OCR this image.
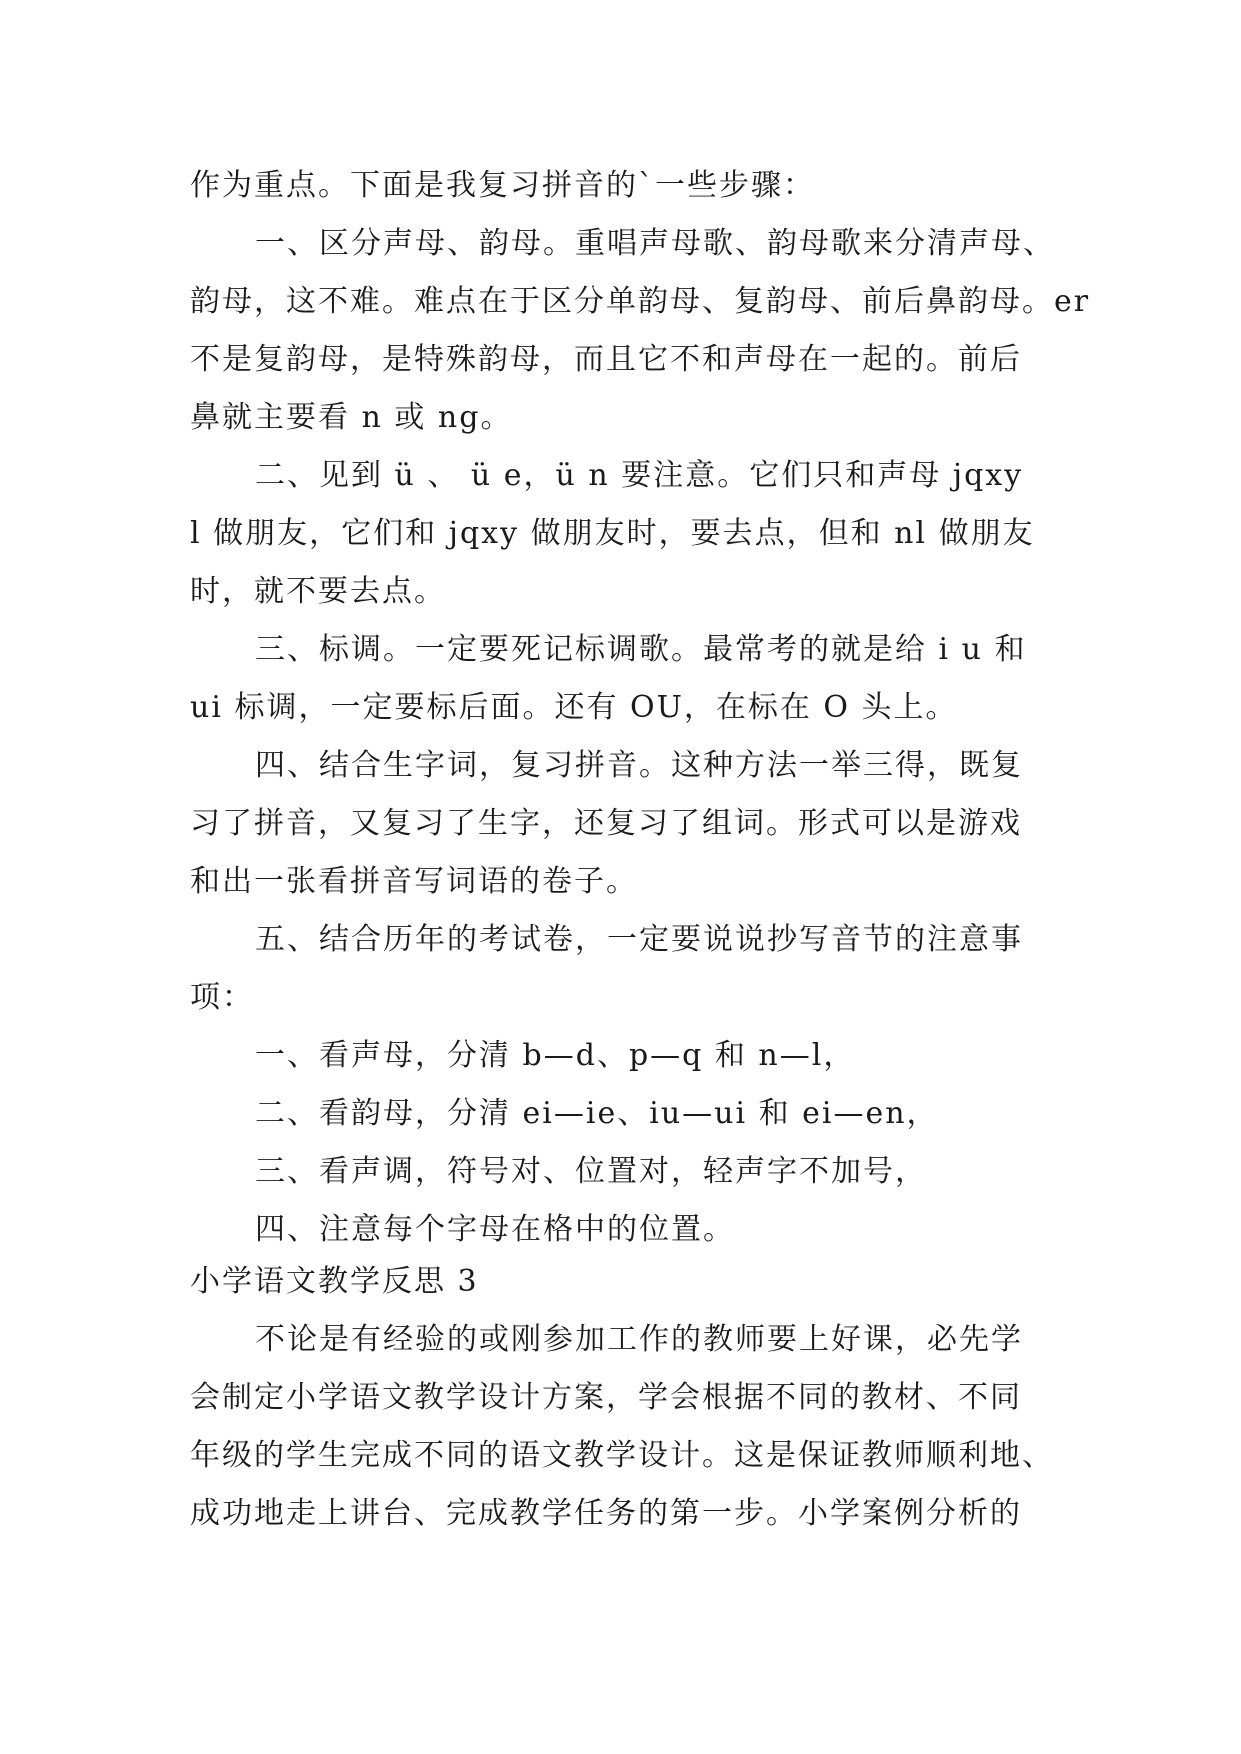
作为重点。下面是我复习拼音的`一些步骤：
一、区分声母、韵母。重唱声母歌、韵母歌来分清声母、
韵母，这不难。难点在于区分单韵母、复韵母、前后鼻韵母。er
不是复韵母，是特殊韵母，而且它不和声母在一起的。前后
鼻就主要看 n 或 ng。
二、见到 ü 、 ü e，ü n 要注意。它们只和声母 jqxy
l 做朋友，它们和 jqxy 做朋友时，要去点，但和 nl 做朋友
时，就不要去点。
三、标调。一定要死记标调歌。最常考的就是给 i u 和
ui 标调，一定要标后面。还有 OU，在标在 O 头上。
四、结合生字词，复习拼音。这种方法一举三得，既复
习了拼音，又复习了生字，还复习了组词。形式可以是游戏
和出一张看拼音写词语的卷子。
五、结合历年的考试卷，一定要说说抄写音节的注意事
项：
一、看声母，分清 b—d、p—q 和 n—l，
二、看韵母，分清 ei—ie、iu—ui 和 ei—en，
三、看声调，符号对、位置对，轻声字不加号，
四、注意每个字母在格中的位置。
小学语文教学反思 3
不论是有经验的或刚参加工作的教师要上好课，必先学
会制定小学语文教学设计方案，学会根据不同的教材、不同
年级的学生完成不同的语文教学设计。这是保证教师顺利地、
成功地走上讲台、完成教学任务的第一步。小学案例分析的
